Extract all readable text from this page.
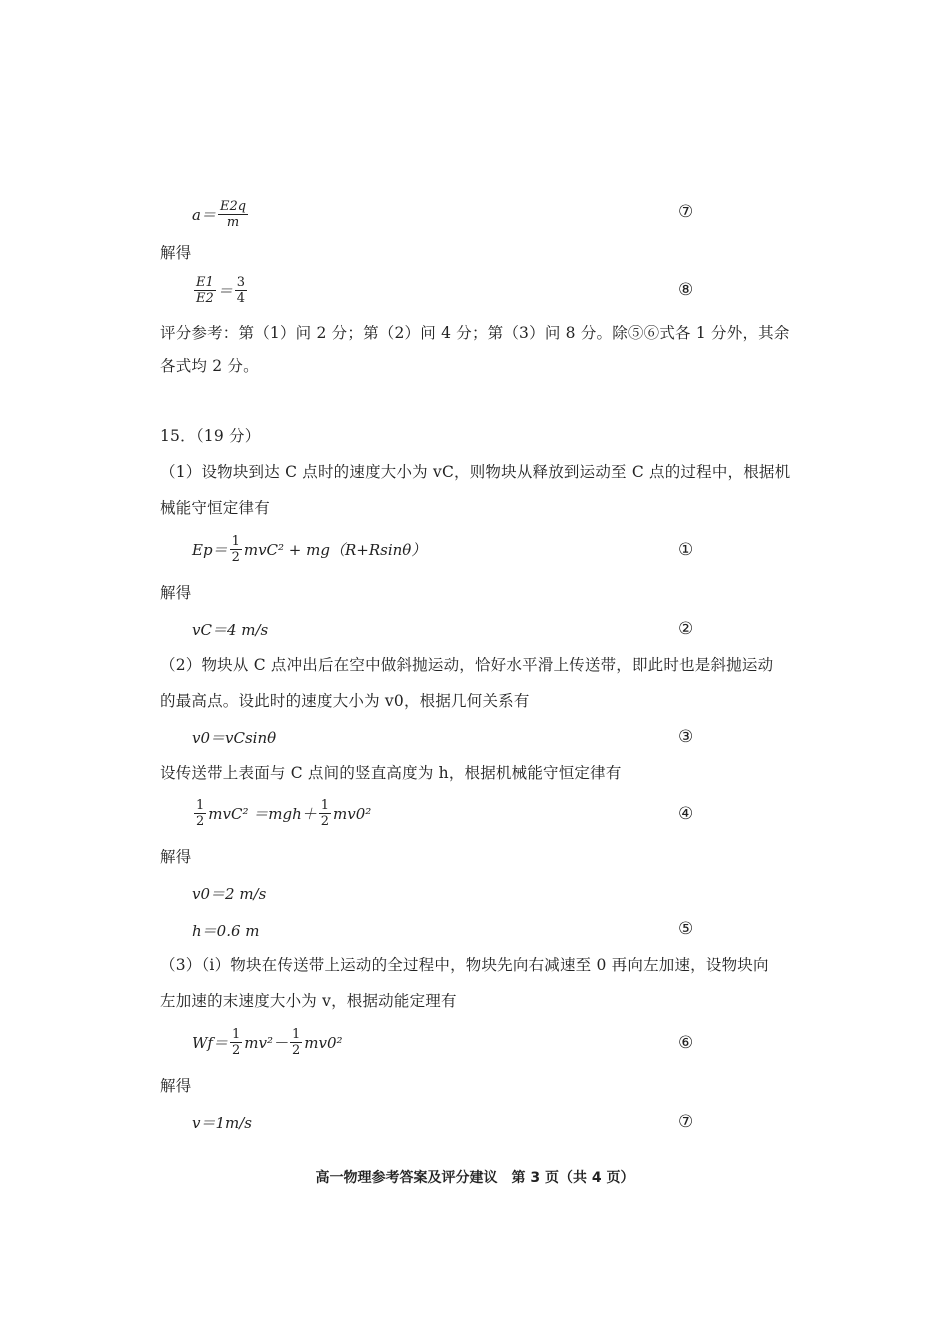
$a= \frac{E2q}{m}$	⑦
解得
$\frac{E1}{E2} = \frac{3}{4}$	⑧
评分参考：第（1）问 2 分；第（2）问 4 分；第（3）问 8 分。除⑤⑥式各 1 分外，其余
各式均 2 分。
15．（19 分）
（1）设物块到达 C 点时的速度大小为 vC，则物块从释放到运动至 C 点的过程中，根据机
械能守恒定律有
$Ep= \frac{1}{2} mvC^2 + mg(R+Rsin\theta)$	①
解得
vC＝4 m/s	②
（2）物块从 C 点冲出后在空中做斜抛运动，恰好水平滑上传送带，即此时也是斜抛运动
的最高点。设此时的速度大小为 v0，根据几何关系有
v0＝vCsinθ	③
设传送带上表面与 C 点间的竖直高度为 h，根据机械能守恒定律有
$\frac{1}{2} mvC^2 =mgh+ \frac{1}{2} mv0^2$	④
解得
v0＝2 m/s
h＝0.6 m	⑤
（3）（i）物块在传送带上运动的全过程中，物块先向右减速至 0 再向左加速，设物块向
左加速的末速度大小为 v，根据动能定理有
$Wf= \frac{1}{2} mv^2- \frac{1}{2} mv0^2$	⑥
解得
v＝1m/s	⑦
高一物理参考答案及评分建议　第 3 页（共 4 页）
